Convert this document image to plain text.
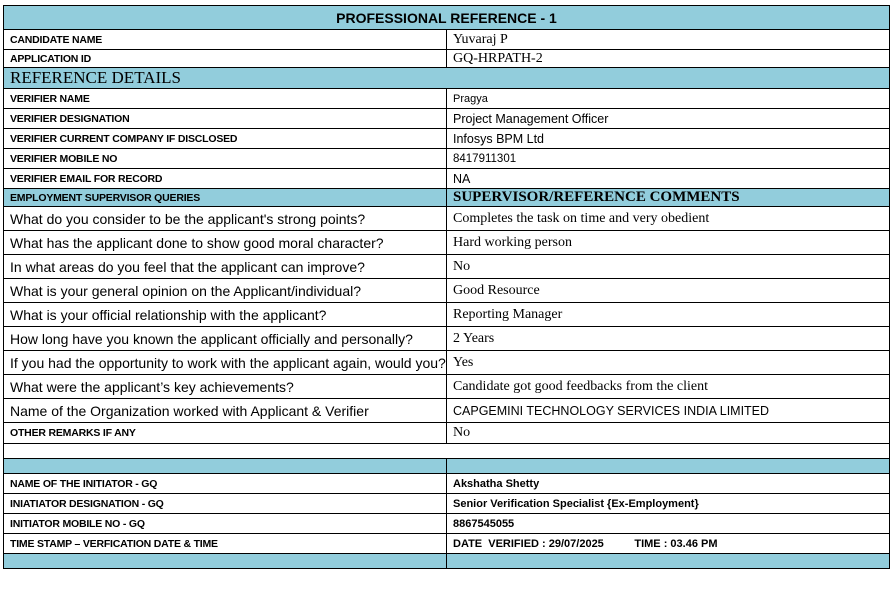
PROFESSIONAL REFERENCE - 1	
CANDIDATE NAME	Yuvaraj P
APPLICATION ID	GQ-HRPATH-2
REFERENCE DETAILS	
VERIFIER NAME	Pragya
VERIFIER DESIGNATION	Project Management Officer
VERIFIER CURRENT COMPANY IF DISCLOSED	Infosys BPM Ltd
VERIFIER MOBILE NO	8417911301
VERIFIER EMAIL FOR RECORD	NA
EMPLOYMENT SUPERVISOR QUERIES	SUPERVISOR/REFERENCE COMMENTS
What do you consider to be the applicant's strong points?	Completes the task on time and very obedient
What has the applicant done to show good moral character?	Hard working person
In what areas do you feel that the applicant can improve?	No
What is your general opinion on the Applicant/individual?	Good Resource
What is your official relationship with the applicant?	Reporting Manager
How long have you known the applicant officially and personally?	2 Years
If you had the opportunity to work with the applicant again, would you?	Yes
What were the applicant’s key achievements?	Candidate got good feedbacks from the client
Name of the Organization worked with Applicant & Verifier	CAPGEMINI TECHNOLOGY SERVICES INDIA LIMITED
OTHER REMARKS IF ANY	No

NAME OF THE INITIATOR - GQ	Akshatha Shetty
INIATIATOR DESIGNATION - GQ	Senior Verification Specialist {Ex-Employment}
INITIATOR MOBILE NO - GQ	8867545055
TIME STAMP – VERFICATION DATE & TIME	DATE  VERIFIED : 29/07/2025          TIME : 03.46 PM
